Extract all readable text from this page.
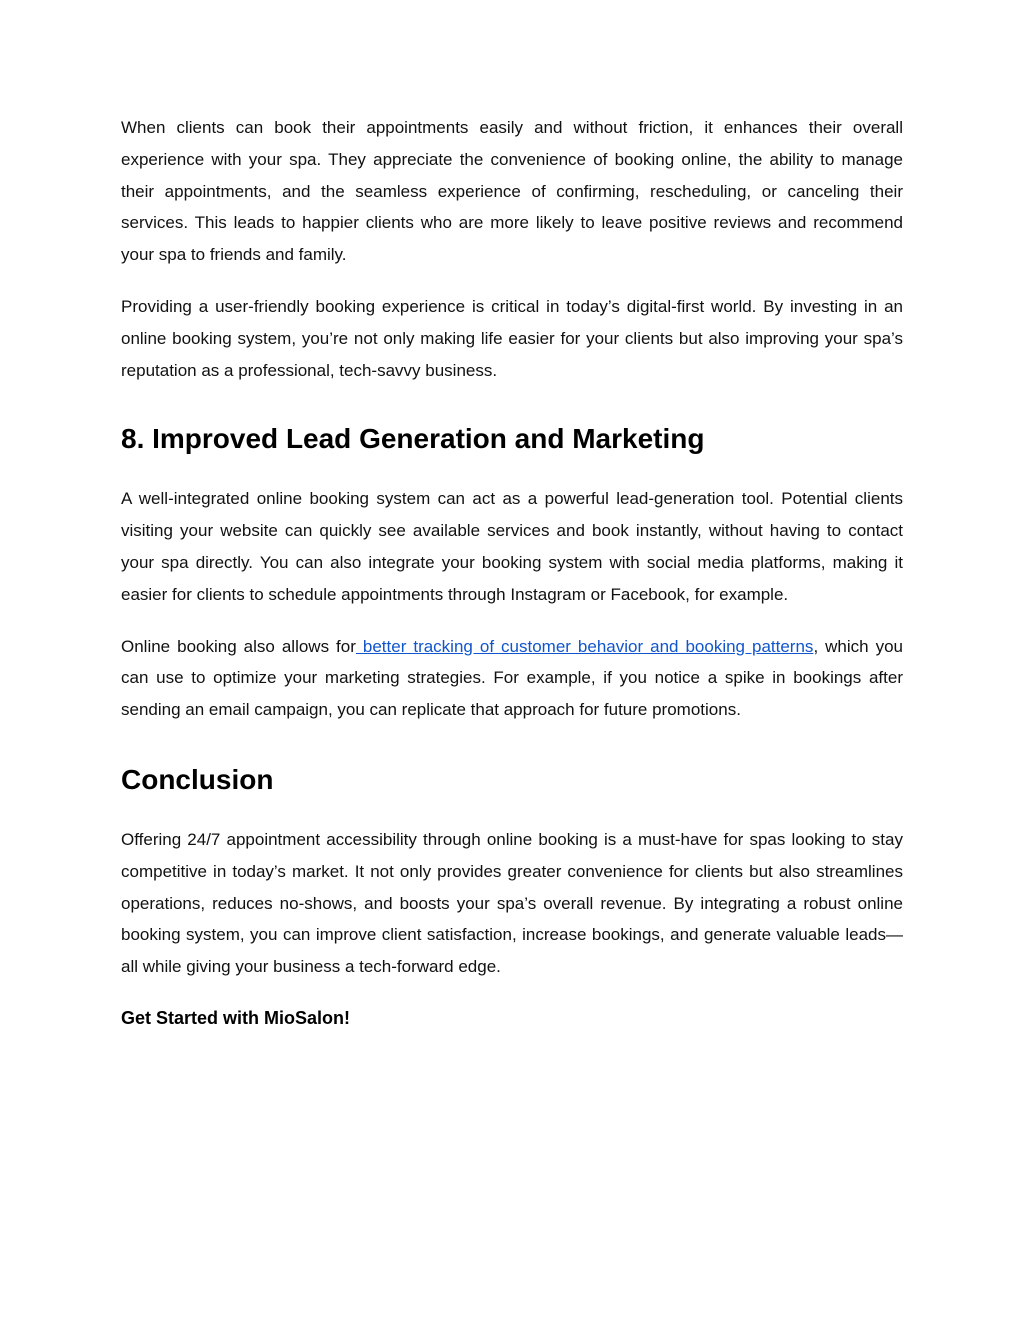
When clients can book their appointments easily and without friction, it enhances their overall experience with your spa. They appreciate the convenience of booking online, the ability to manage their appointments, and the seamless experience of confirming, rescheduling, or canceling their services. This leads to happier clients who are more likely to leave positive reviews and recommend your spa to friends and family.

Providing a user-friendly booking experience is critical in today’s digital-first world. By investing in an online booking system, you’re not only making life easier for your clients but also improving your spa’s reputation as a professional, tech-savvy business.

8. Improved Lead Generation and Marketing

A well-integrated online booking system can act as a powerful lead-generation tool. Potential clients visiting your website can quickly see available services and book instantly, without having to contact your spa directly. You can also integrate your booking system with social media platforms, making it easier for clients to schedule appointments through Instagram or Facebook, for example.

Online booking also allows for better tracking of customer behavior and booking patterns, which you can use to optimize your marketing strategies. For example, if you notice a spike in bookings after sending an email campaign, you can replicate that approach for future promotions.

Conclusion

Offering 24/7 appointment accessibility through online booking is a must-have for spas looking to stay competitive in today’s market. It not only provides greater convenience for clients but also streamlines operations, reduces no-shows, and boosts your spa’s overall revenue. By integrating a robust online booking system, you can improve client satisfaction, increase bookings, and generate valuable leads—all while giving your business a tech-forward edge.

Get Started with MioSalon!
